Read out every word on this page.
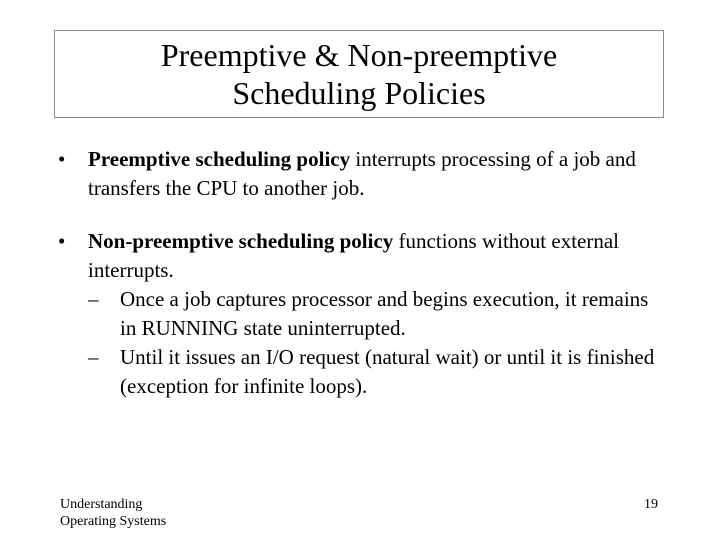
Preemptive & Non-preemptive
Scheduling Policies
•	Preemptive scheduling policy interrupts processing of a job and transfers the CPU to another job.
•	Non-preemptive scheduling policy functions without external interrupts.
– Once a job captures processor and begins execution, it remains in RUNNING state uninterrupted.
– Until it issues an I/O request (natural wait) or until it is finished (exception for infinite loops).
Understanding
Operating Systems
19
